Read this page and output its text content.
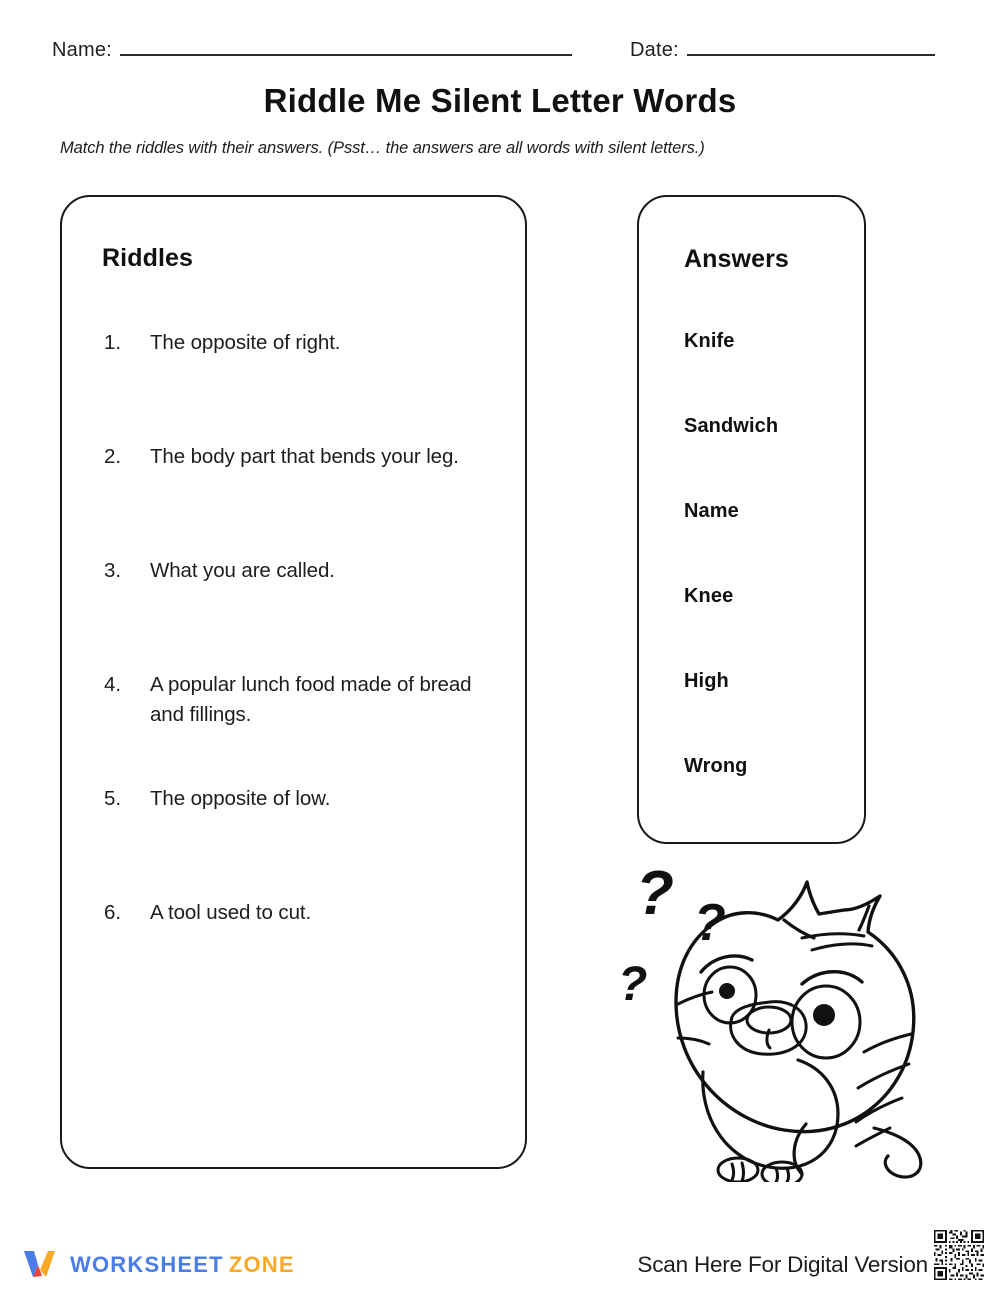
Name:	Date:
Riddle Me Silent Letter Words
Match the riddles with their answers. (Psst… the answers are all words with silent letters.)
Riddles
1.	The opposite of right.
2.	The body part that bends your leg.
3.	What you are called.
4.	A popular lunch food made of bread and fillings.
5.	The opposite of low.
6.	A tool used to cut.
Answers
Knife
Sandwich
Name
Knee
High
Wrong
? ?
?
WORKSHEET ZONE	Scan Here For Digital Version
